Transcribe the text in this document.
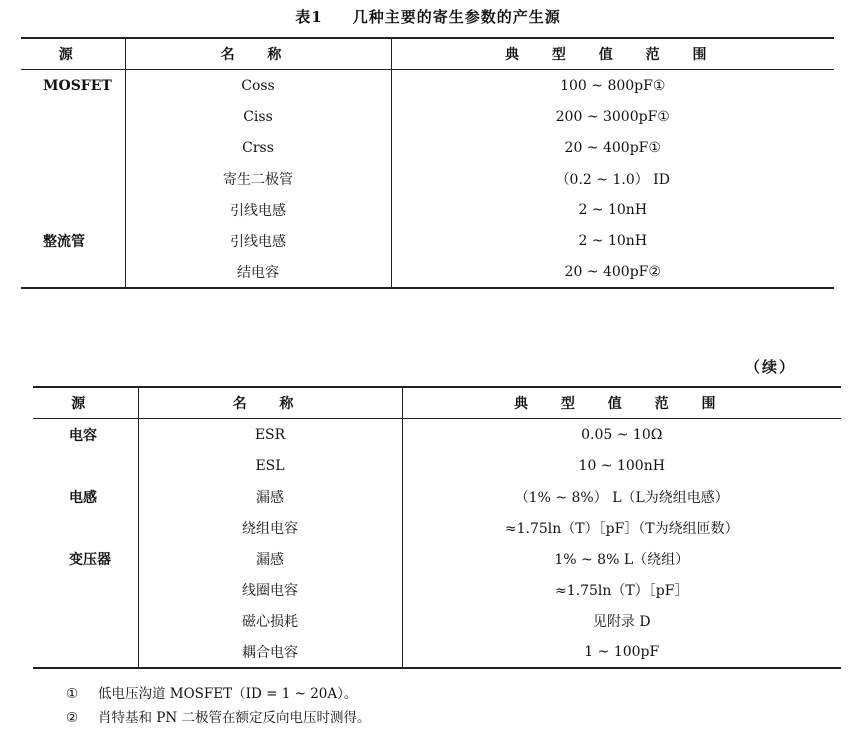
表1 几种主要的寄生参数的产生源
源	名 称	典 型 值 范 围
MOSFET	Coss	100 ~ 800pF①
	Ciss	200 ~ 3000pF①
	Crss	20 ~ 400pF①
	寄生二极管	（0.2 ~ 1.0） ID
	引线电感	2 ~ 10nH
整流管	引线电感	2 ~ 10nH
	结电容	20 ~ 400pF②
（续）
源	名 称	典 型 值 范 围
电容	ESR	0.05 ~ 10Ω
	ESL	10 ~ 100nH
电感	漏感	（1% ~ 8%） L（L为绕组电感）
	绕组电容	≈1.75ln（T）［pF］（T为绕组匝数）
变压器	漏感	1% ~ 8% L（绕组）
	线圈电容	≈1.75ln（T）［pF］
	磁心损耗	见附录 D
	耦合电容	1 ~ 100pF
① 低电压沟道 MOSFET（ID = 1 ~ 20A）。
② 肖特基和 PN 二极管在额定反向电压时测得。
